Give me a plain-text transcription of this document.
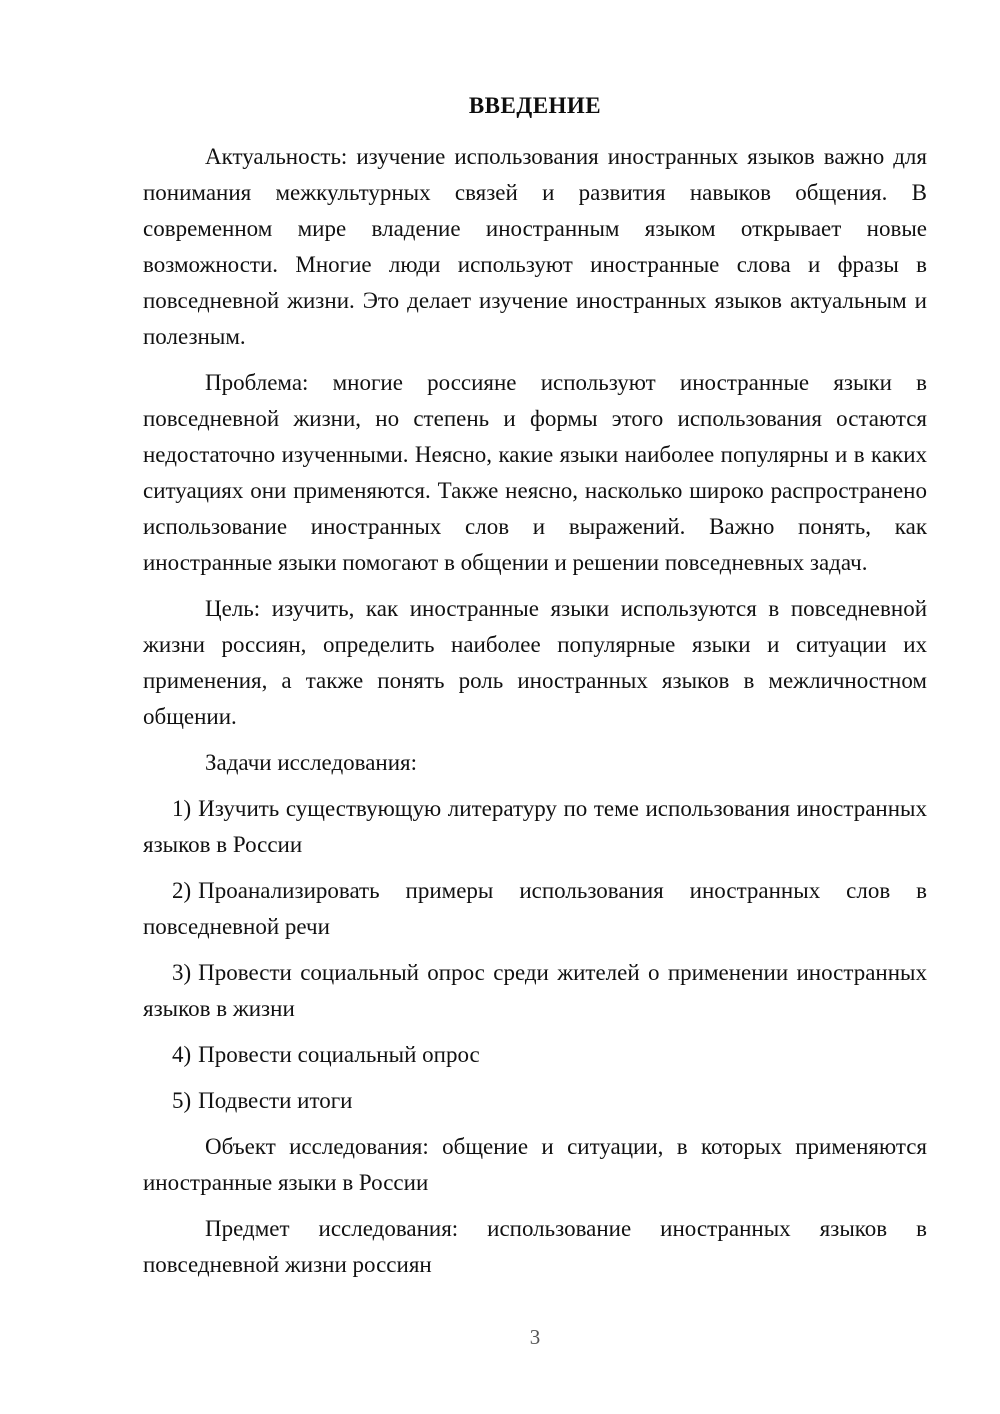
ВВЕДЕНИЕ

Актуальность: изучение использования иностранных языков важно для понимания межкультурных связей и развития навыков общения. В современном мире владение иностранным языком открывает новые возможности. Многие люди используют иностранные слова и фразы в повседневной жизни. Это делает изучение иностранных языков актуальным и полезным.

Проблема: многие россияне используют иностранные языки в повседневной жизни, но степень и формы этого использования остаются недостаточно изученными. Неясно, какие языки наиболее популярны и в каких ситуациях они применяются. Также неясно, насколько широко распространено использование иностранных слов и выражений. Важно понять, как иностранные языки помогают в общении и решении повседневных задач.

Цель: изучить, как иностранные языки используются в повседневной жизни россиян, определить наиболее популярные языки и ситуации их применения, а также понять роль иностранных языков в межличностном общении.

Задачи исследования:

1) Изучить существующую литературу по теме использования иностранных языков в России

2) Проанализировать примеры использования иностранных слов в повседневной речи

3) Провести социальный опрос среди жителей о применении иностранных языков в жизни

4) Провести социальный опрос

5) Подвести итоги

Объект исследования: общение и ситуации, в которых применяются иностранные языки в России

Предмет исследования: использование иностранных языков в повседневной жизни россиян

3
